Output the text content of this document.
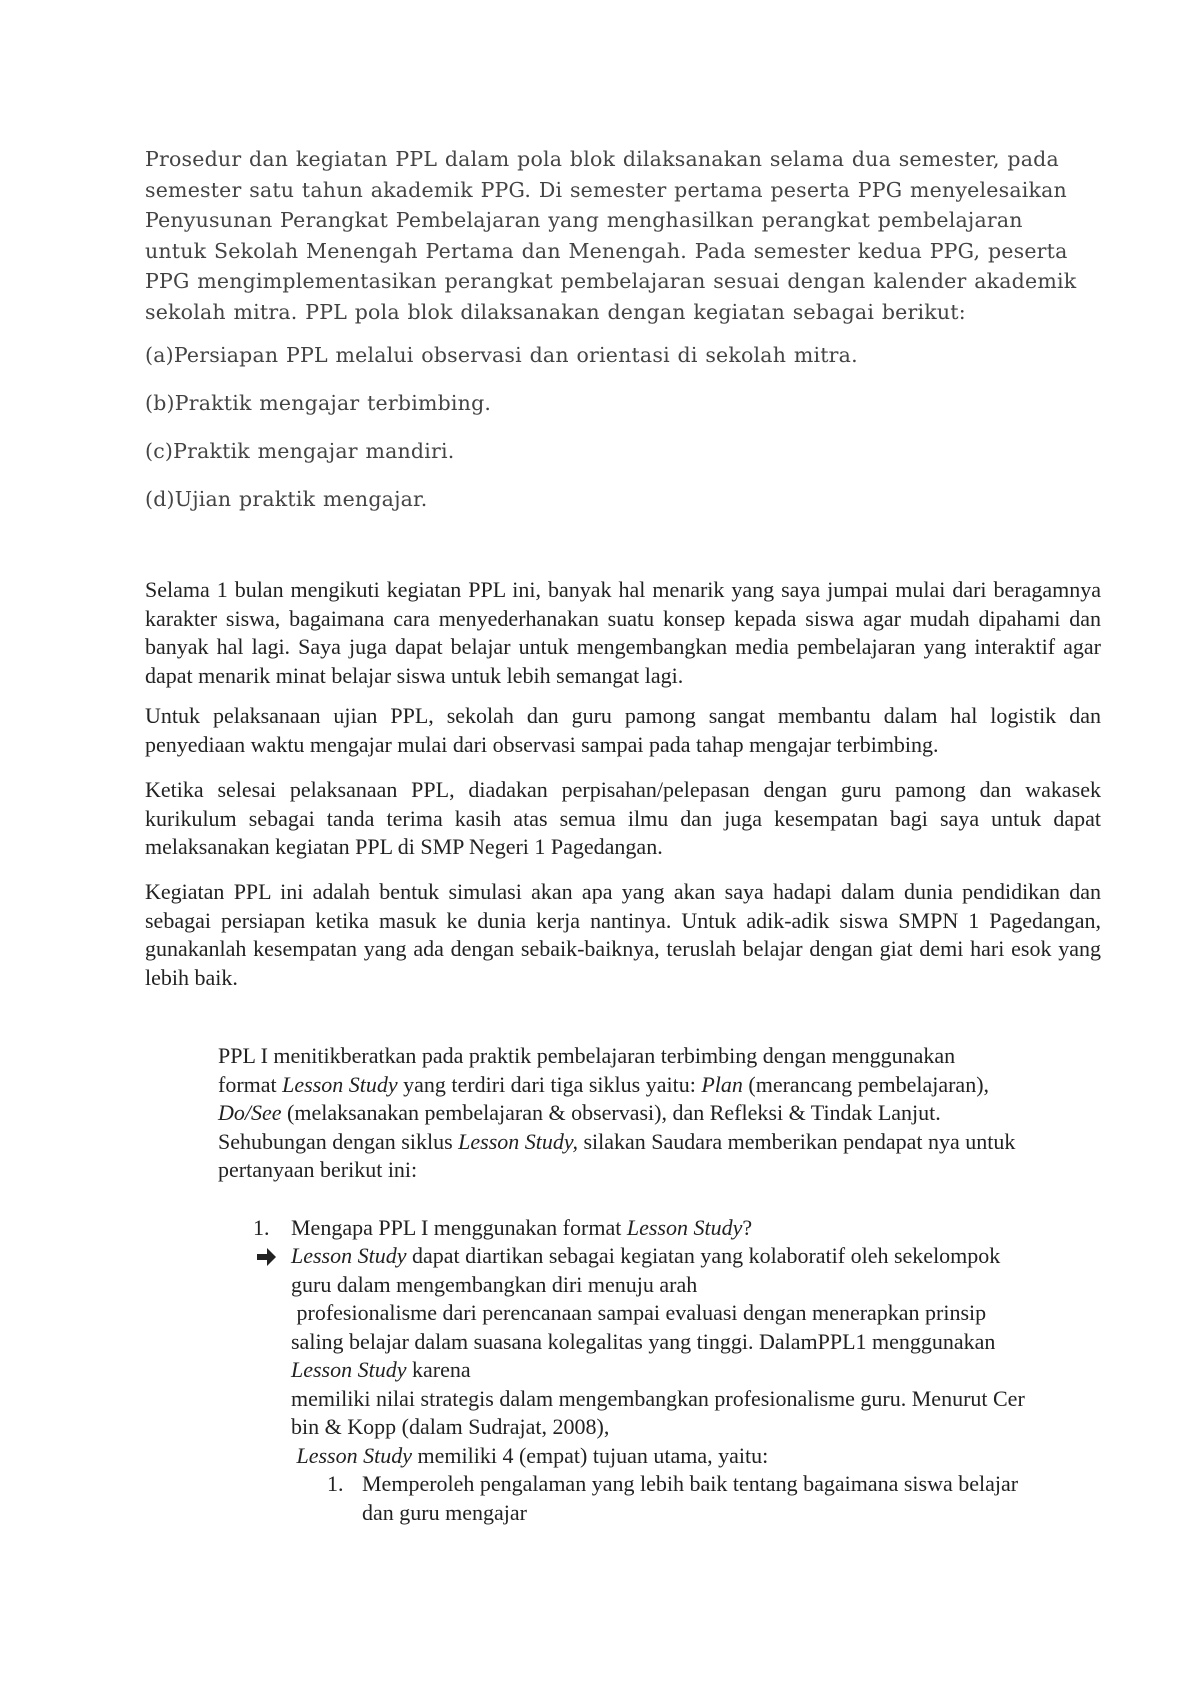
Prosedur dan kegiatan PPL dalam pola blok dilaksanakan selama dua semester, pada
semester satu tahun akademik PPG. Di semester pertama peserta PPG menyelesaikan
Penyusunan Perangkat Pembelajaran yang menghasilkan perangkat pembelajaran
untuk Sekolah Menengah Pertama dan Menengah. Pada semester kedua PPG, peserta
PPG mengimplementasikan perangkat pembelajaran sesuai dengan kalender akademik
sekolah mitra. PPL pola blok dilaksanakan dengan kegiatan sebagai berikut:
(a)Persiapan PPL melalui observasi dan orientasi di sekolah mitra.
(b)Praktik mengajar terbimbing.
(c)Praktik mengajar mandiri.
(d)Ujian praktik mengajar.

Selama 1 bulan mengikuti kegiatan PPL ini, banyak hal menarik yang saya jumpai mulai dari beragamnya karakter siswa, bagaimana cara menyederhanakan suatu konsep kepada siswa agar mudah dipahami dan banyak hal lagi. Saya juga dapat belajar untuk mengembangkan media pembelajaran yang interaktif agar dapat menarik minat belajar siswa untuk lebih semangat lagi.

Untuk pelaksanaan ujian PPL, sekolah dan guru pamong sangat membantu dalam hal logistik dan penyediaan waktu mengajar mulai dari observasi sampai pada tahap mengajar terbimbing.

Ketika selesai pelaksanaan PPL, diadakan perpisahan/pelepasan dengan guru pamong dan wakasek kurikulum sebagai tanda terima kasih atas semua ilmu dan juga kesempatan bagi saya untuk dapat melaksanakan kegiatan PPL di SMP Negeri 1 Pagedangan.

Kegiatan PPL ini adalah bentuk simulasi akan apa yang akan saya hadapi dalam dunia pendidikan dan sebagai persiapan ketika masuk ke dunia kerja nantinya. Untuk adik-adik siswa SMPN 1 Pagedangan, gunakanlah kesempatan yang ada dengan sebaik-baiknya, teruslah belajar dengan giat demi hari esok yang lebih baik.

PPL I menitikberatkan pada praktik pembelajaran terbimbing dengan menggunakan
format Lesson Study yang terdiri dari tiga siklus yaitu: Plan (merancang pembelajaran),
Do/See (melaksanakan pembelajaran & observasi), dan Refleksi & Tindak Lanjut.
Sehubungan dengan siklus Lesson Study, silakan Saudara memberikan pendapat nya untuk
pertanyaan berikut ini:
1. Mengapa PPL I menggunakan format Lesson Study?
Lesson Study dapat diartikan sebagai kegiatan yang kolaboratif oleh sekelompok
guru dalam mengembangkan diri menuju arah
profesionalisme dari perencanaan sampai evaluasi dengan menerapkan prinsip
saling belajar dalam suasana kolegalitas yang tinggi. DalamPPL1 menggunakan
Lesson Study karena
memiliki nilai strategis dalam mengembangkan profesionalisme guru. Menurut Cer
bin & Kopp (dalam Sudrajat, 2008),
Lesson Study memiliki 4 (empat) tujuan utama, yaitu:
1. Memperoleh pengalaman yang lebih baik tentang bagaimana siswa belajar
dan guru mengajar
